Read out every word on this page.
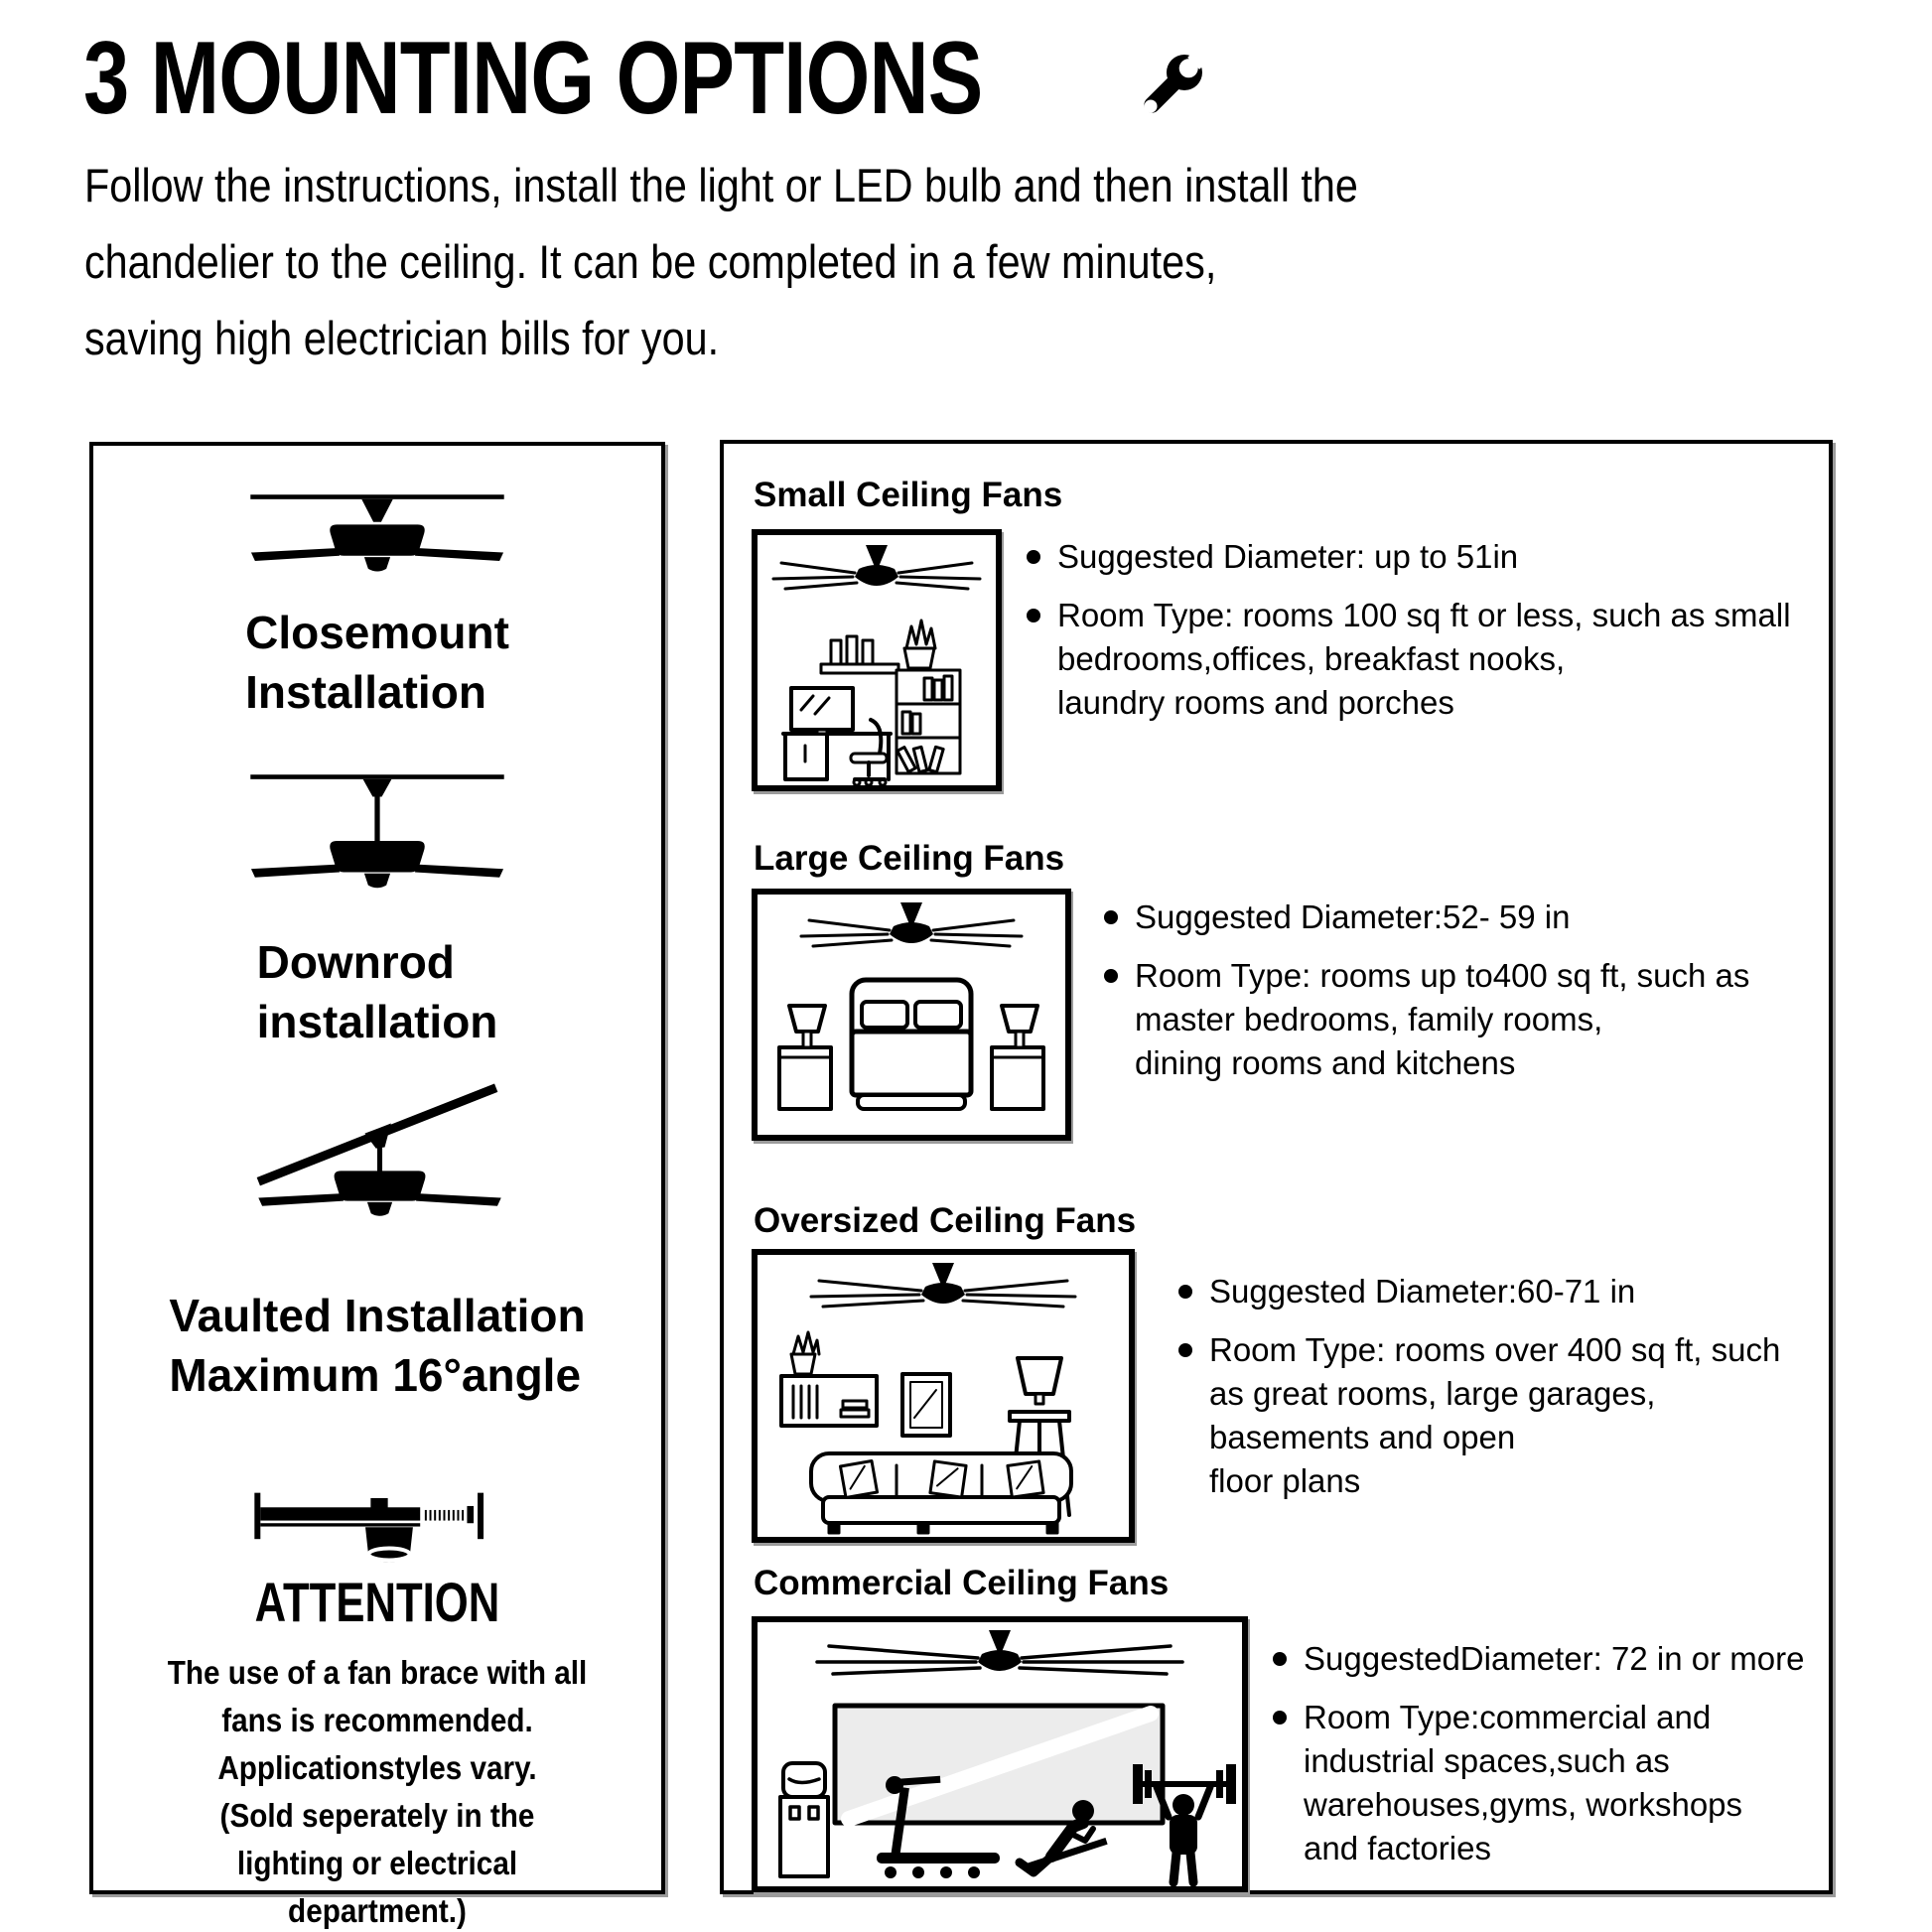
3 MOUNTING OPTIONS
Follow the instructions, install the light or LED bulb and then install the
chandelier to the ceiling. It can be completed in a few minutes,
saving high electrician bills for you.
Closemount
Installation
Downrod
installation
Vaulted Installation
Maximum 16°angle
ATTENTION
The use of a fan brace with all
fans is recommended.
Applicationstyles vary.
(Sold seperately in the
lighting or electrical
department.)
Small Ceiling Fans
Suggested Diameter: up to 51in
Room Type: rooms 100 sq ft or less, such as small
bedrooms,offices, breakfast nooks,
laundry rooms and porches
Large Ceiling Fans
Suggested Diameter:52- 59 in
Room Type: rooms up to400 sq ft, such as
master bedrooms, family rooms,
dining rooms and kitchens
Oversized Ceiling Fans
Suggested Diameter:60-71 in
Room Type: rooms over 400 sq ft, such
as great rooms, large garages,
basements and open
floor plans
Commercial Ceiling Fans
SuggestedDiameter: 72 in or more
Room Type:commercial and
industrial spaces,such as
warehouses,gyms, workshops
and factories
